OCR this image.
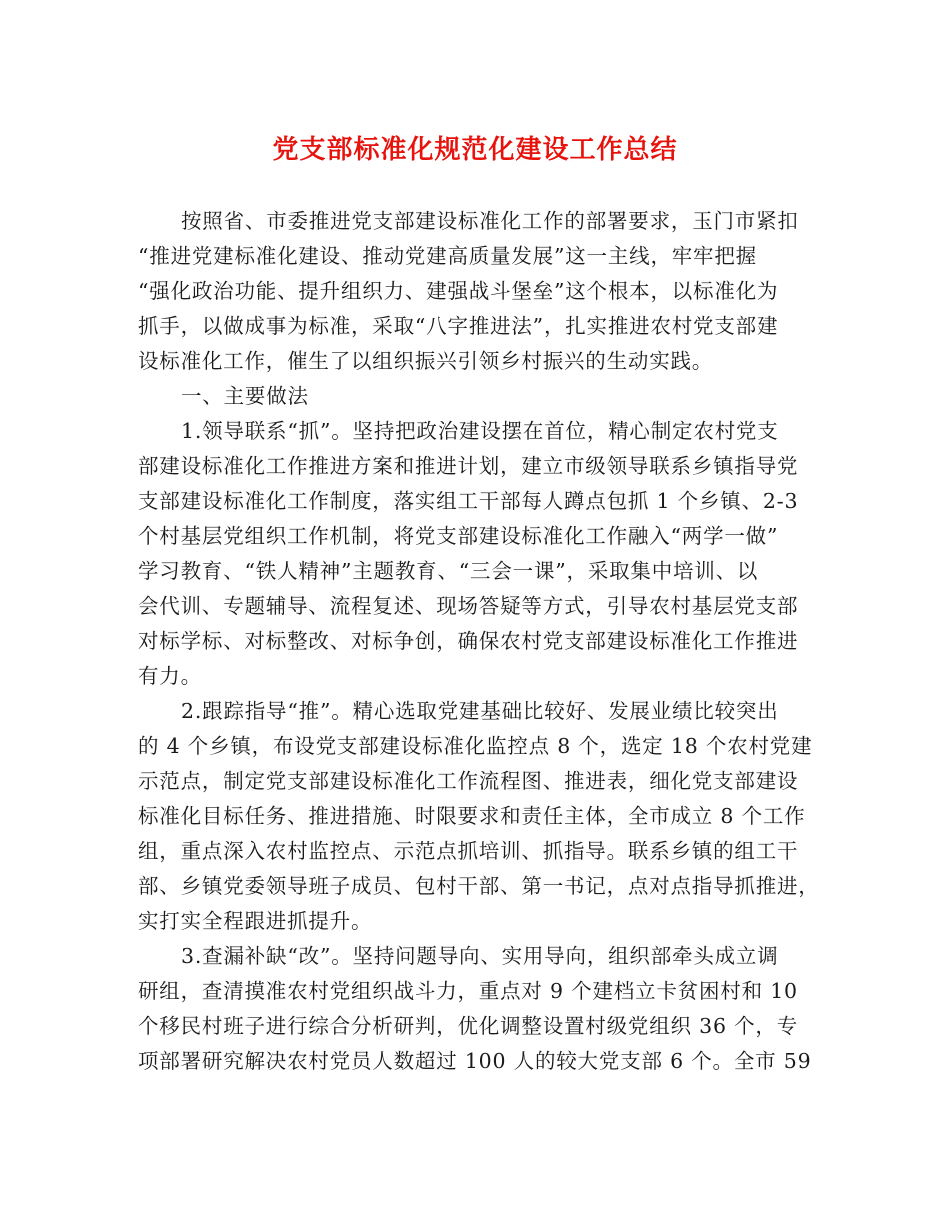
党支部标准化规范化建设工作总结
按照省、市委推进党支部建设标准化工作的部署要求，玉门市紧扣
“推进党建标准化建设、推动党建高质量发展”这一主线，牢牢把握
“强化政治功能、提升组织力、建强战斗堡垒”这个根本，以标准化为
抓手，以做成事为标准，采取“八字推进法”，扎实推进农村党支部建
设标准化工作，催生了以组织振兴引领乡村振兴的生动实践。
一、主要做法
1.领导联系“抓”。坚持把政治建设摆在首位，精心制定农村党支
部建设标准化工作推进方案和推进计划，建立市级领导联系乡镇指导党
支部建设标准化工作制度，落实组工干部每人蹲点包抓 1 个乡镇、2-3
个村基层党组织工作机制，将党支部建设标准化工作融入“两学一做”
学习教育、“铁人精神”主题教育、“三会一课”，采取集中培训、以
会代训、专题辅导、流程复述、现场答疑等方式，引导农村基层党支部
对标学标、对标整改、对标争创，确保农村党支部建设标准化工作推进
有力。
2.跟踪指导“推”。精心选取党建基础比较好、发展业绩比较突出
的 4 个乡镇，布设党支部建设标准化监控点 8 个，选定 18 个农村党建
示范点，制定党支部建设标准化工作流程图、推进表，细化党支部建设
标准化目标任务、推进措施、时限要求和责任主体，全市成立 8 个工作
组，重点深入农村监控点、示范点抓培训、抓指导。联系乡镇的组工干
部、乡镇党委领导班子成员、包村干部、第一书记，点对点指导抓推进，
实打实全程跟进抓提升。
3.查漏补缺“改”。坚持问题导向、实用导向，组织部牵头成立调
研组，查清摸准农村党组织战斗力，重点对 9 个建档立卡贫困村和 10
个移民村班子进行综合分析研判，优化调整设置村级党组织 36 个，专
项部署研究解决农村党员人数超过 100 人的较大党支部 6 个。全市 59
